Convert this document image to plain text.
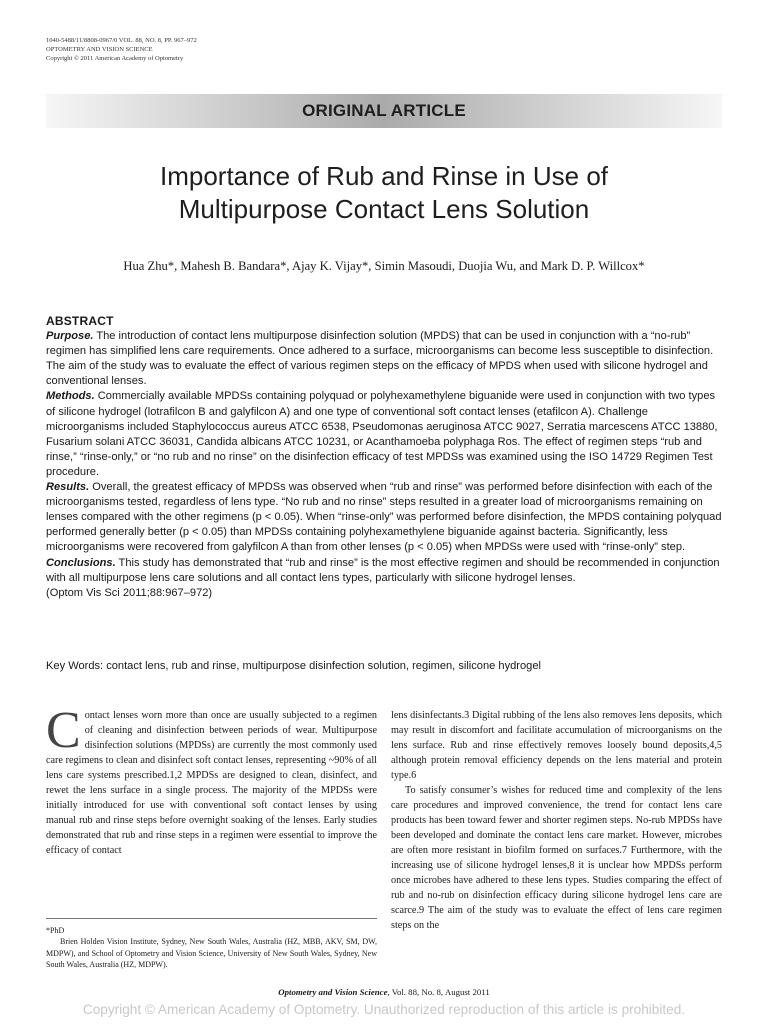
1040-5488/11/8808-0967/0 VOL. 88, NO. 8, PP. 967–972
OPTOMETRY AND VISION SCIENCE
Copyright © 2011 American Academy of Optometry
ORIGINAL ARTICLE
Importance of Rub and Rinse in Use of
Multipurpose Contact Lens Solution
Hua Zhu*, Mahesh B. Bandara*, Ajay K. Vijay*, Simin Masoudi, Duojia Wu, and Mark D. P. Willcox*
ABSTRACT

Purpose. The introduction of contact lens multipurpose disinfection solution (MPDS) that can be used in conjunction with a “no-rub” regimen has simplified lens care requirements. Once adhered to a surface, microorganisms can become less susceptible to disinfection. The aim of the study was to evaluate the effect of various regimen steps on the efficacy of MPDS when used with silicone hydrogel and conventional lenses.

Methods. Commercially available MPDSs containing polyquad or polyhexamethylene biguanide were used in conjunction with two types of silicone hydrogel (lotrafilcon B and galyfilcon A) and one type of conventional soft contact lenses (etafilcon A). Challenge microorganisms included Staphylococcus aureus ATCC 6538, Pseudomonas aeruginosa ATCC 9027, Serratia marcescens ATCC 13880, Fusarium solani ATCC 36031, Candida albicans ATCC 10231, or Acanthamoeba polyphaga Ros. The effect of regimen steps “rub and rinse,” “rinse-only,” or “no rub and no rinse” on the disinfection efficacy of test MPDSs was examined using the ISO 14729 Regimen Test procedure.

Results. Overall, the greatest efficacy of MPDSs was observed when “rub and rinse” was performed before disinfection with each of the microorganisms tested, regardless of lens type. “No rub and no rinse” steps resulted in a greater load of microorganisms remaining on lenses compared with the other regimens (p < 0.05). When “rinse-only” was performed before disinfection, the MPDS containing polyquad performed generally better (p < 0.05) than MPDSs containing polyhexamethylene biguanide against bacteria. Significantly, less microorganisms were recovered from galyfilcon A than from other lenses (p < 0.05) when MPDSs were used with “rinse-only” step.

Conclusions. This study has demonstrated that “rub and rinse” is the most effective regimen and should be recommended in conjunction with all multipurpose lens care solutions and all contact lens types, particularly with silicone hydrogel lenses.

(Optom Vis Sci 2011;88:967–972)

Key Words: contact lens, rub and rinse, multipurpose disinfection solution, regimen, silicone hydrogel

Contact lenses worn more than once are usually subjected to a regimen of cleaning and disinfection between periods of wear. Multipurpose disinfection solutions (MPDSs) are currently the most commonly used care regimens to clean and disinfect soft contact lenses, representing ~90% of all lens care systems prescribed.1,2 MPDSs are designed to clean, disinfect, and rewet the lens surface in a single process. The majority of the MPDSs were initially introduced for use with conventional soft contact lenses by using manual rub and rinse steps before overnight soaking of the lenses. Early studies demonstrated that rub and rinse steps in a regimen were essential to improve the efficacy of contact

*PhD

Brien Holden Vision Institute, Sydney, New South Wales, Australia (HZ, MBB, AKV, SM, DW, MDPW), and School of Optometry and Vision Science, University of New South Wales, Sydney, New South Wales, Australia (HZ, MDPW).

lens disinfectants.3 Digital rubbing of the lens also removes lens deposits, which may result in discomfort and facilitate accumulation of microorganisms on the lens surface. Rub and rinse effectively removes loosely bound deposits,4,5 although protein removal efficiency depends on the lens material and protein type.6

To satisfy consumer’s wishes for reduced time and complexity of the lens care procedures and improved convenience, the trend for contact lens care products has been toward fewer and shorter regimen steps. No-rub MPDSs have been developed and dominate the contact lens care market. However, microbes are often more resistant in biofilm formed on surfaces.7 Furthermore, with the increasing use of silicone hydrogel lenses,8 it is unclear how MPDSs perform once microbes have adhered to these lens types. Studies comparing the effect of rub and no-rub on disinfection efficacy during silicone hydrogel lens care are scarce.9 The aim of the study was to evaluate the effect of lens care regimen steps on the

Optometry and Vision Science, Vol. 88, No. 8, August 2011
Copyright © American Academy of Optometry. Unauthorized reproduction of this article is prohibited.
